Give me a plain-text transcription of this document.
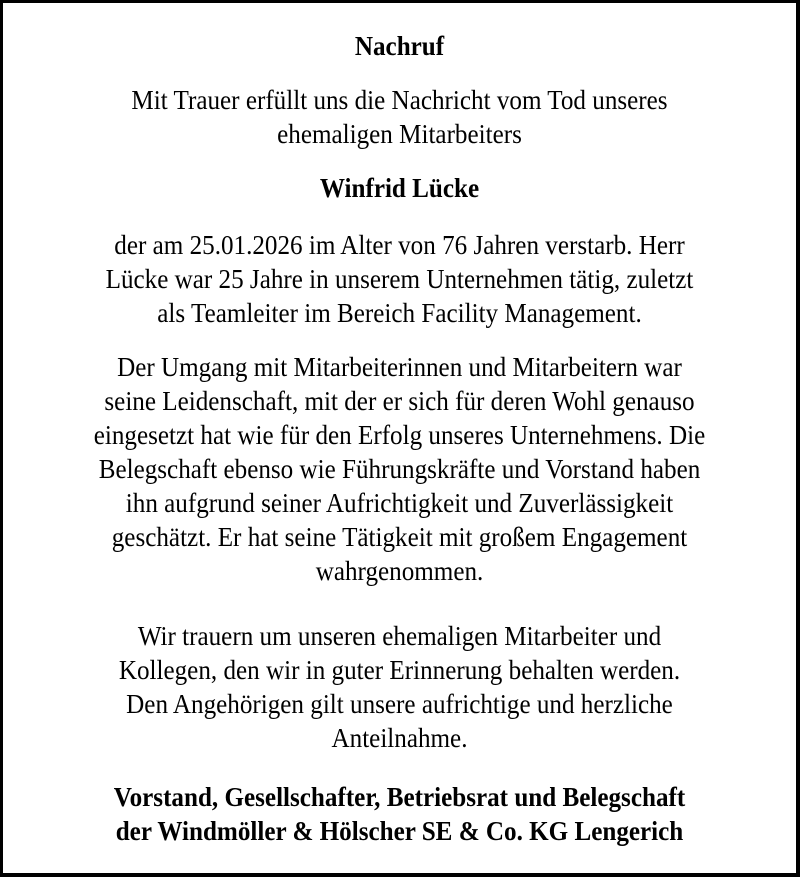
Nachruf
Mit Trauer erfüllt uns die Nachricht vom Tod unseres
ehemaligen Mitarbeiters
Winfrid Lücke
der am 25.01.2026 im Alter von 76 Jahren verstarb. Herr
Lücke war 25 Jahre in unserem Unternehmen tätig, zuletzt
als Teamleiter im Bereich Facility Management.
Der Umgang mit Mitarbeiterinnen und Mitarbeitern war
seine Leidenschaft, mit der er sich für deren Wohl genauso
eingesetzt hat wie für den Erfolg unseres Unternehmens. Die
Belegschaft ebenso wie Führungskräfte und Vorstand haben
ihn aufgrund seiner Aufrichtigkeit und Zuverlässigkeit
geschätzt. Er hat seine Tätigkeit mit großem Engagement
wahrgenommen.
Wir trauern um unseren ehemaligen Mitarbeiter und
Kollegen, den wir in guter Erinnerung behalten werden.
Den Angehörigen gilt unsere aufrichtige und herzliche
Anteilnahme.
Vorstand, Gesellschafter, Betriebsrat und Belegschaft
der Windmöller & Hölscher SE & Co. KG Lengerich
